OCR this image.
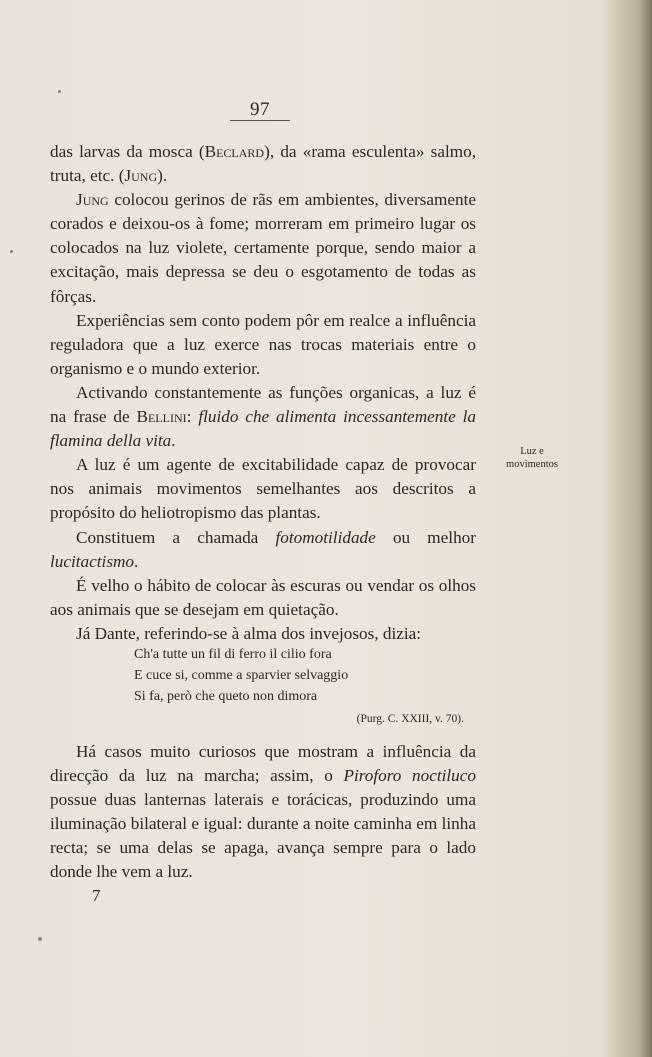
97

das larvas da mosca (Beclard), da «rama esculenta» salmo, truta, etc. (Jung).

Jung colocou gerinos de rãs em ambientes, diversamente corados e deixou-os à fome; morreram em primeiro lugar os colocados na luz violete, certamente porque, sendo maior a excitação, mais depressa se deu o esgotamento de todas as fôrças.

Experiências sem conto podem pôr em realce a influência reguladora que a luz exerce nas trocas materiais entre o organismo e o mundo exterior.

Activando constantemente as funções organicas, a luz é na frase de Bellini: fluido che alimenta incessantemente la flamina della vita.

A luz é um agente de excitabilidade capaz de provocar nos animais movimentos semelhantes aos descritos a propósito do heliotropismo das plantas.

Constituem a chamada fotomotilidade ou melhor lucitactismo.

É velho o hábito de colocar às escuras ou vendar os olhos aos animais que se desejam em quietação.

Já Dante, referindo-se à alma dos invejosos, dizia:

Luz e movimentos
Ch'a tutte un fil di ferro il cilio fora
E cuce si, comme a sparvier selvaggio
Si fa, però che queto non dimora
(Purg. C. XXIII, v. 70).

Há casos muito curiosos que mostram a influência da direcção da luz na marcha; assim, o Piroforo noctiluco possue duas lanternas laterais e torácicas, produzindo uma iluminação bilateral e igual: durante a noite caminha em linha recta; se uma delas se apaga, avança sempre para o lado donde lhe vem a luz.

7
